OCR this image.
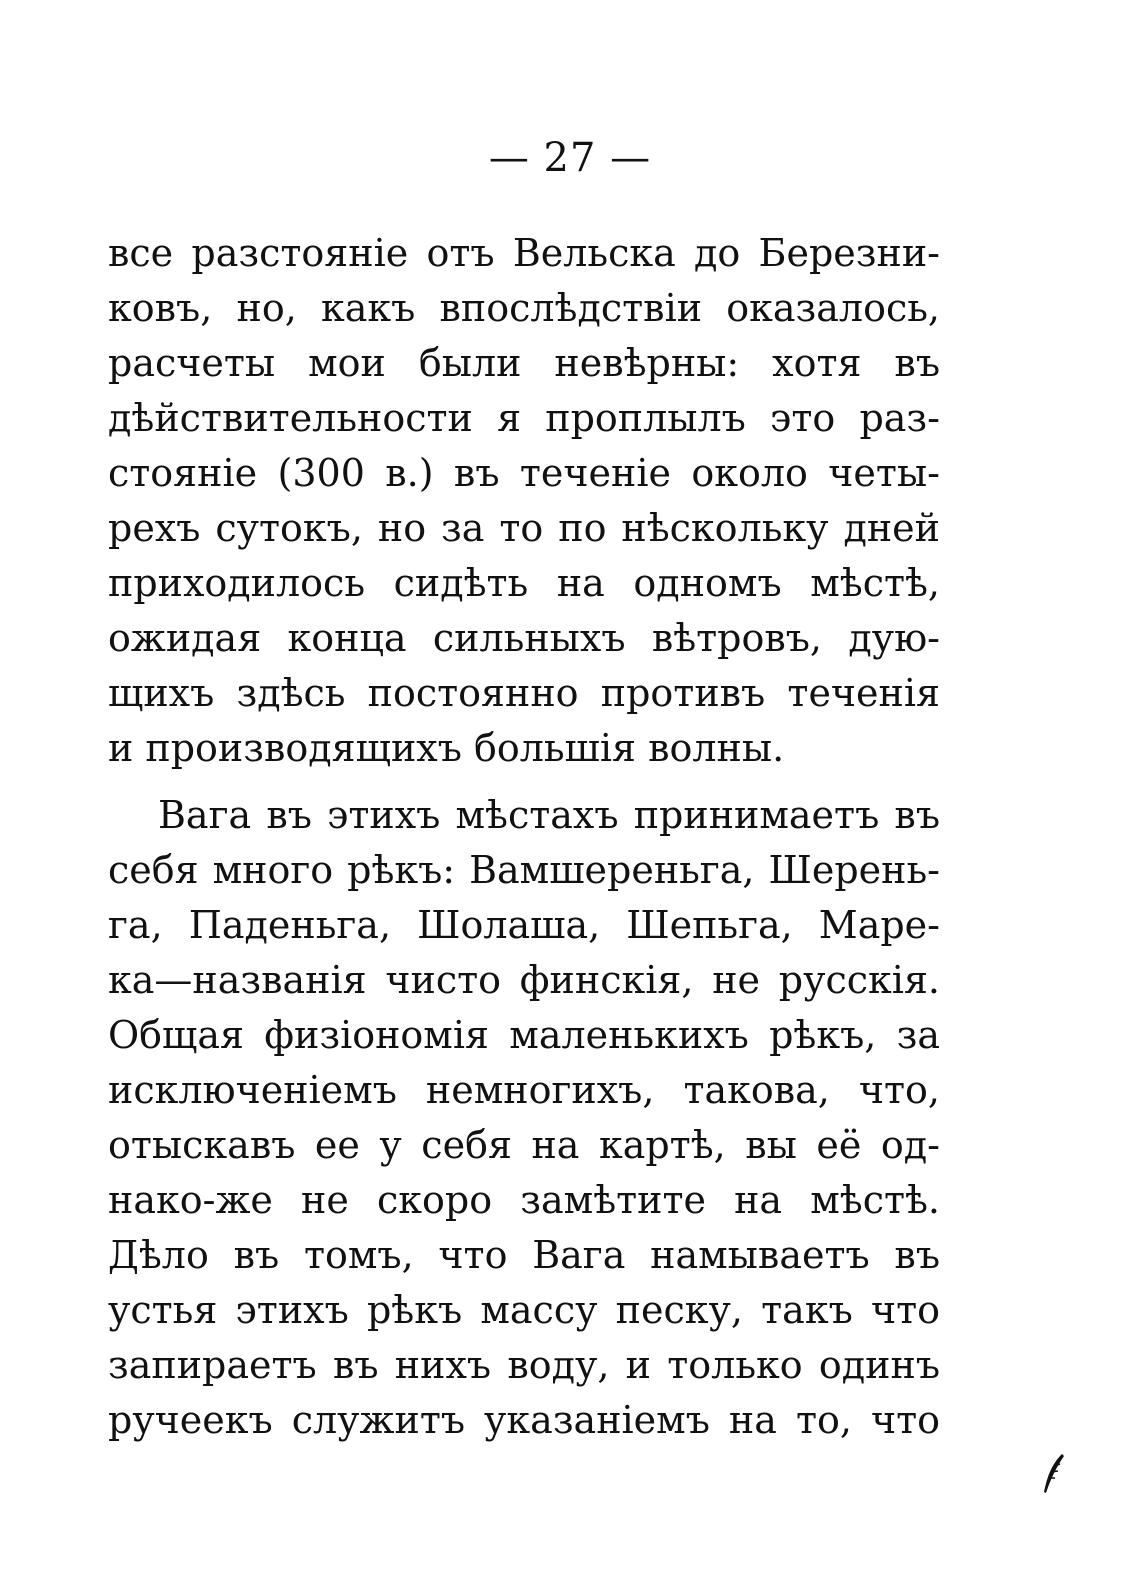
— 27 —
все разстояніе отъ Вельска до Березни-
ковъ, но, какъ впослѣдствіи оказалось,
расчеты мои были невѣрны: хотя въ
дѣйствительности я проплылъ это раз-
стояніе (300 в.) въ теченіе около четы-
рехъ сутокъ, но за то по нѣскольку дней
приходилось сидѣть на одномъ мѣстѣ,
ожидая конца сильныхъ вѣтровъ, дую-
щихъ здѣсь постоянно противъ теченія
и производящихъ большія волны.
Вага въ этихъ мѣстахъ принимаетъ въ
себя много рѣкъ: Вамшереньга, Шерень-
га, Паденьга, Шолаша, Шепьга, Маре-
ка—названія чисто финскія, не русскія.
Общая физіономія маленькихъ рѣкъ, за
исключеніемъ немногихъ, такова, что,
отыскавъ ее у себя на картѣ, вы её од-
нако-же не скоро замѣтите на мѣстѣ.
Дѣло въ томъ, что Вага намываетъ въ
устья этихъ рѣкъ массу песку, такъ что
запираетъ въ нихъ воду, и только одинъ
ручеекъ служитъ указаніемъ на то, что
